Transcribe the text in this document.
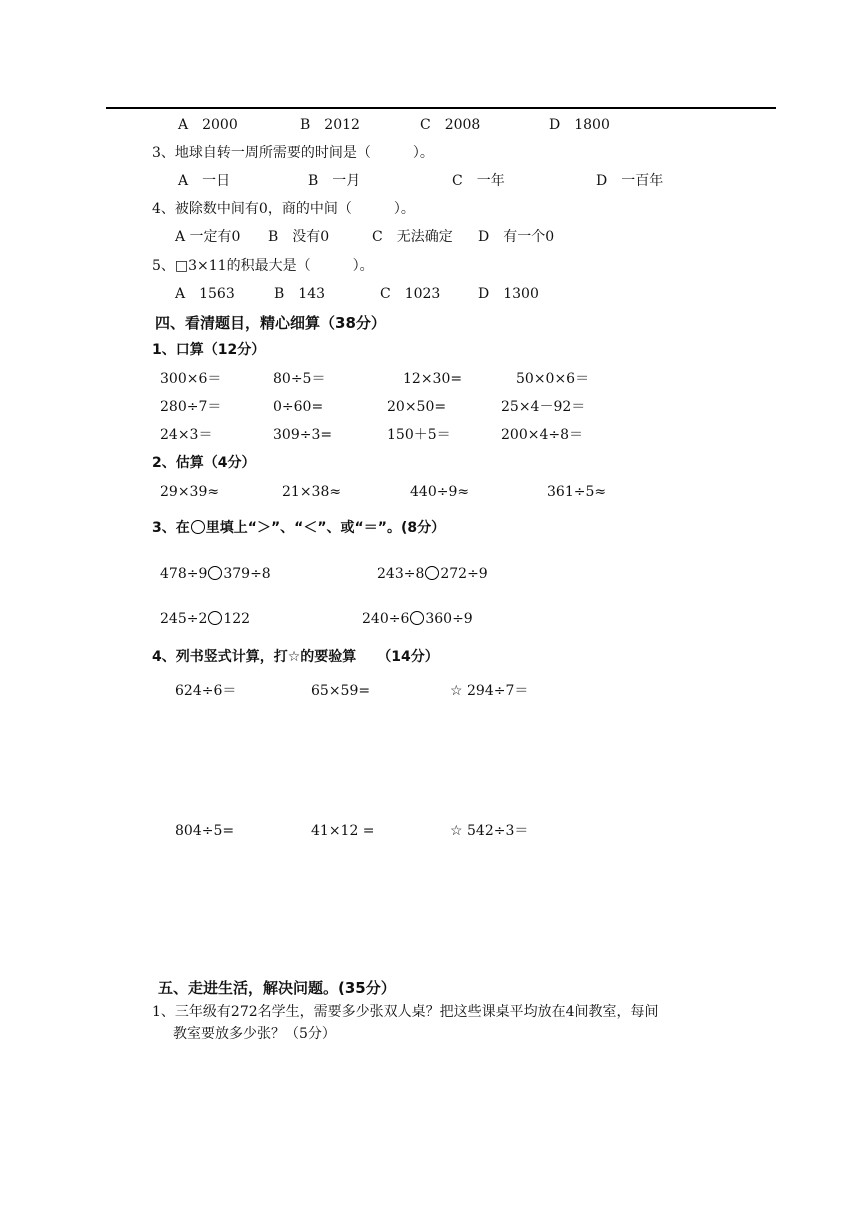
A　2000	B　2012	C　2008	D　1800
3、地球自转一周所需要的时间是（　　　）。
A　一日	B　一月	C　一年	D　一百年
4、被除数中间有0，商的中间（　　　）。
A 一定有0 B　没有0	C　无法确定 D　有一个0
5、□3×11的积最大是（　　　）。
A　1563	B　143	C　1023	D　1300
四、看清题目，精心细算（38分）
1、口算（12分）
300×6＝	80÷5＝	12×30=	50×0×6＝
280÷7＝	0÷60=	20×50=	25×4－92＝
24×3＝	309÷3=	150＋5＝	200×4÷8＝
2、估算（4分）
29×39≈	21×38≈	440÷9≈	361÷5≈
3、在 里填上“＞”、“＜”、或“＝”。(8分）
478÷9 379÷8	243÷8 272÷9
245÷2 122	240÷6 360÷9
4、列书竖式计算，打☆的要验算　　（14分）
624÷6＝	65×59=	☆ 294÷7＝
804÷5=	41×12 =	☆ 542÷3＝
五、走进生活，解决问题。(35分）
1、三年级有272名学生，需要多少张双人桌？把这些课桌平均放在4间教室，每间
教室要放多少张？（5分）
